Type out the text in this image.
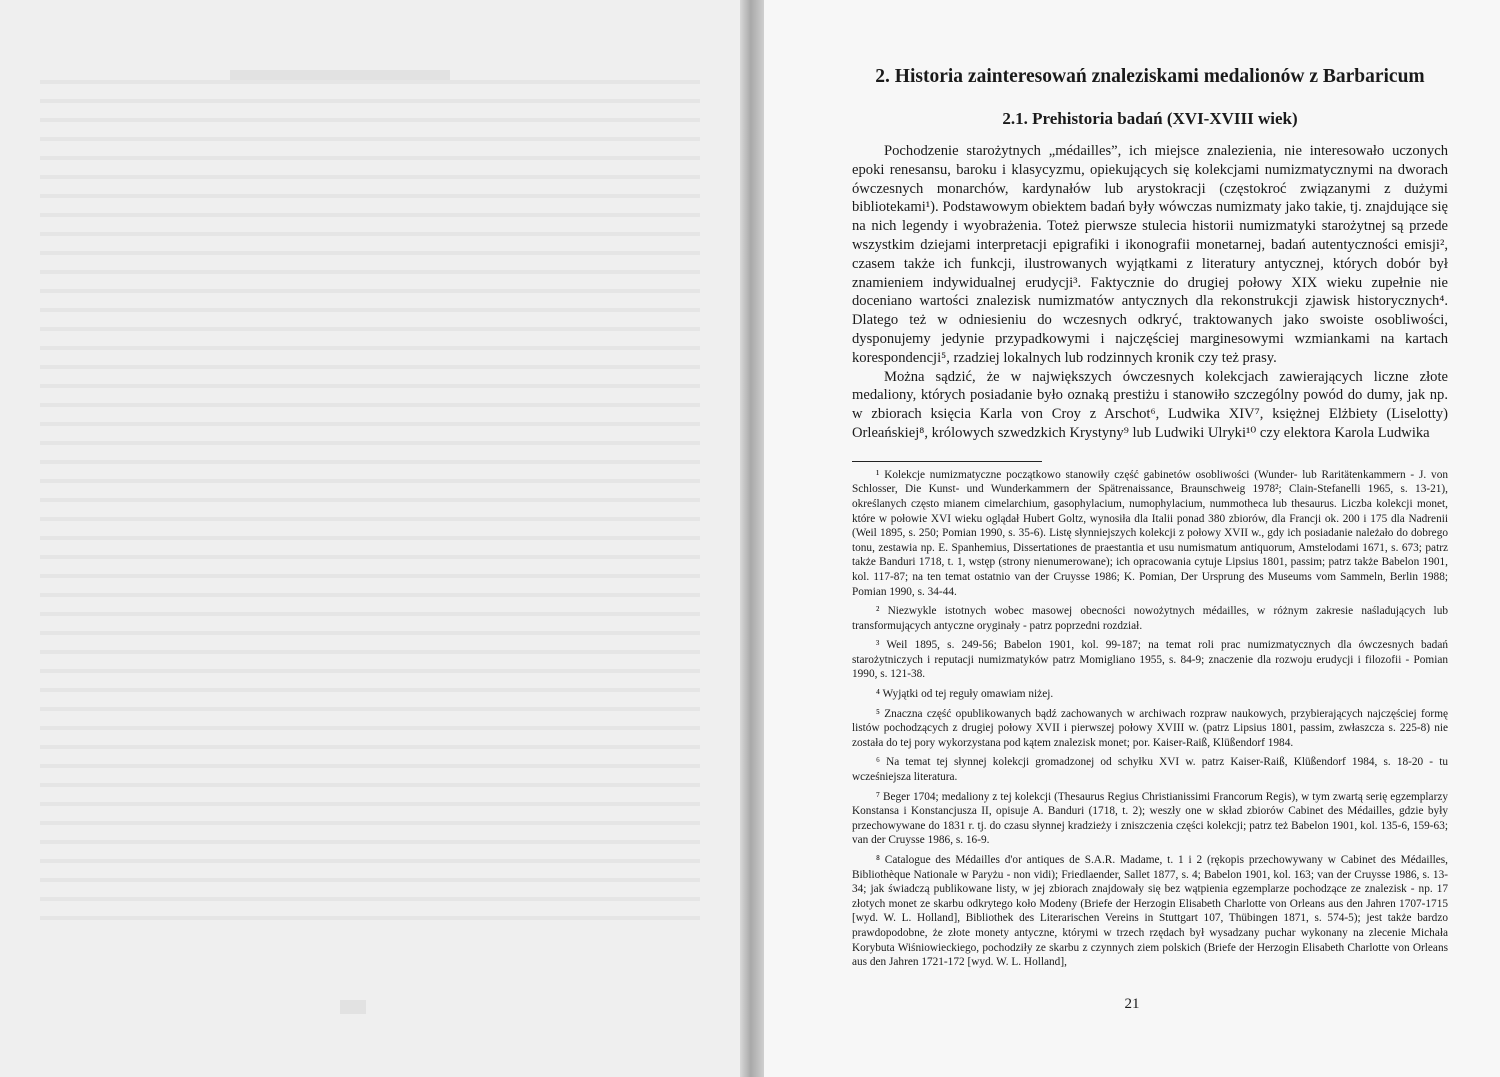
2. Historia zainteresowań znaleziskami medalionów z Barbaricum
2.1. Prehistoria badań (XVI-XVIII wiek)

Pochodzenie starożytnych „médailles”, ich miejsce znalezienia, nie interesowało uczonych epoki renesansu, baroku i klasycyzmu, opiekujących się kolekcjami numizmatycznymi na dworach ówczesnych monarchów, kardynałów lub arystokracji (częstokroć związanymi z dużymi bibliotekami¹). Podstawowym obiektem badań były wówczas numizmaty jako takie, tj. znajdujące się na nich legendy i wyobrażenia. Toteż pierwsze stulecia historii numizmatyki starożytnej są przede wszystkim dziejami interpretacji epigrafiki i ikonografii monetarnej, badań autentyczności emisji², czasem także ich funkcji, ilustrowanych wyjątkami z literatury antycznej, których dobór był znamieniem indywidualnej erudycji³. Faktycznie do drugiej połowy XIX wieku zupełnie nie doceniano wartości znalezisk numizmatów antycznych dla rekonstrukcji zjawisk historycznych⁴. Dlatego też w odniesieniu do wczesnych odkryć, traktowanych jako swoiste osobliwości, dysponujemy jedynie przypadkowymi i najczęściej marginesowymi wzmiankami na kartach korespondencji⁵, rzadziej lokalnych lub rodzinnych kronik czy też prasy.

Można sądzić, że w największych ówczesnych kolekcjach zawierających liczne złote medaliony, których posiadanie było oznaką prestiżu i stanowiło szczególny powód do dumy, jak np. w zbiorach księcia Karla von Croy z Arschot⁶, Ludwika XIV⁷, księżnej Elżbiety (Liselotty) Orleańskiej⁸, królowych szwedzkich Krystyny⁹ lub Ludwiki Ulryki¹⁰ czy elektora Karola Ludwika

¹ Kolekcje numizmatyczne początkowo stanowiły część gabinetów osobliwości (Wunder- lub Raritätenkammern - J. von Schlosser, Die Kunst- und Wunderkammern der Spätrenaissance, Braunschweig 1978²; Clain-Stefanelli 1965, s. 13-21), określanych często mianem cimelarchium, gasophylacium, numophylacium, nummotheca lub thesaurus. Liczba kolekcji monet, które w połowie XVI wieku oglądał Hubert Goltz, wynosiła dla Italii ponad 380 zbiorów, dla Francji ok. 200 i 175 dla Nadrenii (Weil 1895, s. 250; Pomian 1990, s. 35-6). Listę słynniejszych kolekcji z połowy XVII w., gdy ich posiadanie należało do dobrego tonu, zestawia np. E. Spanhemius, Dissertationes de praestantia et usu numismatum antiquorum, Amstelodami 1671, s. 673; patrz także Banduri 1718, t. 1, wstęp (strony nienumerowane); ich opracowania cytuje Lipsius 1801, passim; patrz także Babelon 1901, kol. 117-87; na ten temat ostatnio van der Cruysse 1986; K. Pomian, Der Ursprung des Museums vom Sammeln, Berlin 1988; Pomian 1990, s. 34-44.

² Niezwykle istotnych wobec masowej obecności nowożytnych médailles, w różnym zakresie naśladujących lub transformujących antyczne oryginały - patrz poprzedni rozdział.

³ Weil 1895, s. 249-56; Babelon 1901, kol. 99-187; na temat roli prac numizmatycznych dla ówczesnych badań starożytniczych i reputacji numizmatyków patrz Momigliano 1955, s. 84-9; znaczenie dla rozwoju erudycji i filozofii - Pomian 1990, s. 121-38.

⁴ Wyjątki od tej reguły omawiam niżej.

⁵ Znaczna część opublikowanych bądź zachowanych w archiwach rozpraw naukowych, przybierających najczęściej formę listów pochodzących z drugiej połowy XVII i pierwszej połowy XVIII w. (patrz Lipsius 1801, passim, zwłaszcza s. 225-8) nie została do tej pory wykorzystana pod kątem znalezisk monet; por. Kaiser-Raiß, Klüßendorf 1984.

⁶ Na temat tej słynnej kolekcji gromadzonej od schyłku XVI w. patrz Kaiser-Raiß, Klüßendorf 1984, s. 18-20 - tu wcześniejsza literatura.

⁷ Beger 1704; medaliony z tej kolekcji (Thesaurus Regius Christianissimi Francorum Regis), w tym zwartą serię egzemplarzy Konstansa i Konstancjusza II, opisuje A. Banduri (1718, t. 2); weszły one w skład zbiorów Cabinet des Médailles, gdzie były przechowywane do 1831 r. tj. do czasu słynnej kradzieży i zniszczenia części kolekcji; patrz też Babelon 1901, kol. 135-6, 159-63; van der Cruysse 1986, s. 16-9.

⁸ Catalogue des Médailles d'or antiques de S.A.R. Madame, t. 1 i 2 (rękopis przechowywany w Cabinet des Médailles, Bibliothèque Nationale w Paryżu - non vidi); Friedlaender, Sallet 1877, s. 4; Babelon 1901, kol. 163; van der Cruysse 1986, s. 13-34; jak świadczą publikowane listy, w jej zbiorach znajdowały się bez wątpienia egzemplarze pochodzące ze znalezisk - np. 17 złotych monet ze skarbu odkrytego koło Modeny (Briefe der Herzogin Elisabeth Charlotte von Orleans aus den Jahren 1707-1715 [wyd. W. L. Holland], Bibliothek des Literarischen Vereins in Stuttgart 107, Thübingen 1871, s. 574-5); jest także bardzo prawdopodobne, że złote monety antyczne, którymi w trzech rzędach był wysadzany puchar wykonany na zlecenie Michała Korybuta Wiśniowieckiego, pochodziły ze skarbu z czynnych ziem polskich (Briefe der Herzogin Elisabeth Charlotte von Orleans aus den Jahren 1721-172 [wyd. W. L. Holland],

21
